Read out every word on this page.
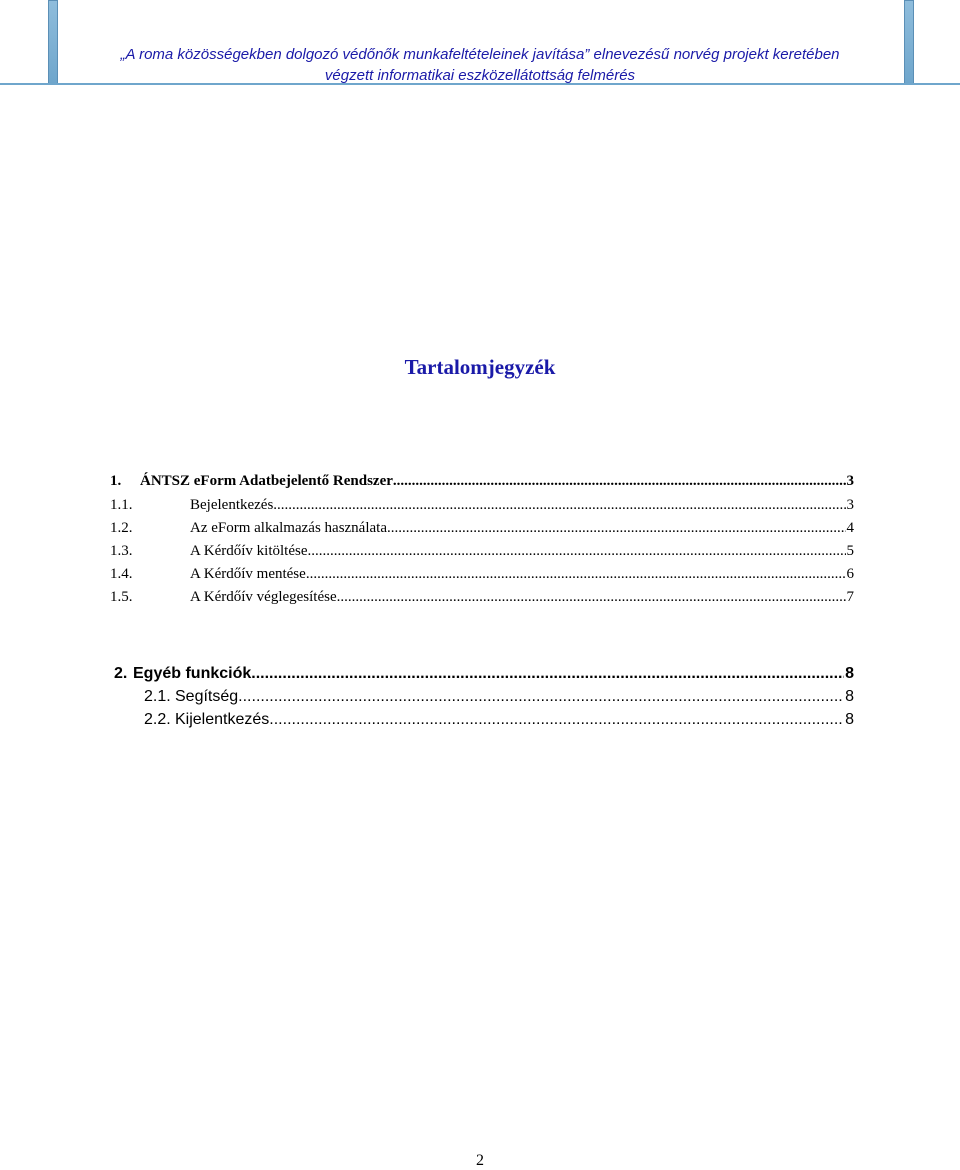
„A roma közösségekben dolgozó védőnők munkafeltételeinek javítása” elnevezésű norvég projekt keretében
végzett informatikai eszközellátottság felmérés
Tartalomjegyzék
1.	ÁNTSZ eForm Adatbejelentő Rendszer .....	3
1.1.	Bejelentkezés .....	3
1.2.	Az eForm alkalmazás használata .....	4
1.3.	A Kérdőív kitöltése .....	5
1.4.	A Kérdőív mentése .....	6
1.5.	A Kérdőív véglegesítése .....	7
2. Egyéb funkciók .....	8
2.1. Segítség .....	8
2.2. Kijelentkezés .....	8
2
